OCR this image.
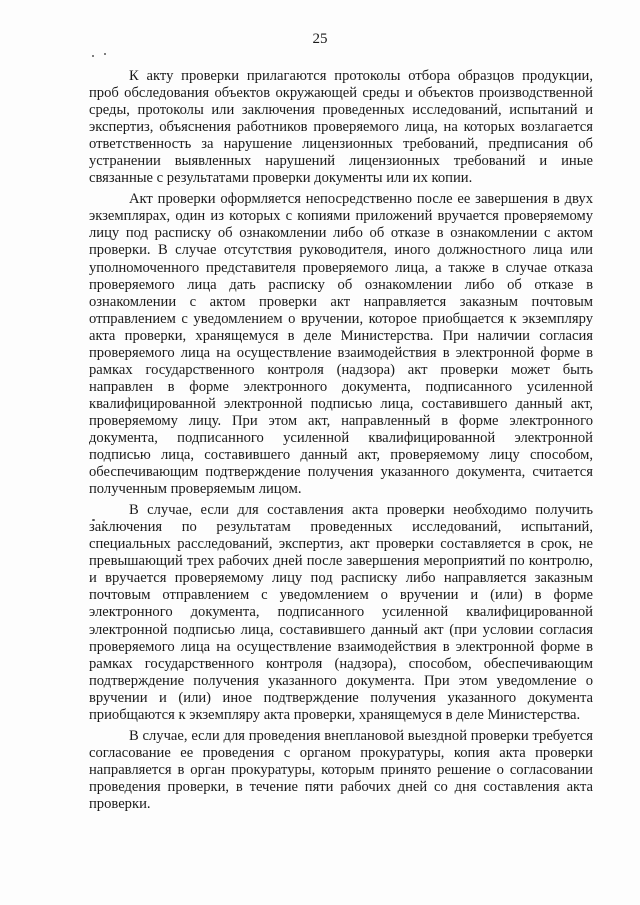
25

К акту проверки прилагаются протоколы отбора образцов продукции, проб обследования объектов окружающей среды и объектов производственной среды, протоколы или заключения проведенных исследований, испытаний и экспертиз, объяснения работников проверяемого лица, на которых возлагается ответственность за нарушение лицензионных требований, предписания об устранении выявленных нарушений лицензионных требований и иные связанные с результатами проверки документы или их копии.

Акт проверки оформляется непосредственно после ее завершения в двух экземплярах, один из которых с копиями приложений вручается проверяемому лицу под расписку об ознакомлении либо об отказе в ознакомлении с актом проверки. В случае отсутствия руководителя, иного должностного лица или уполномоченного представителя проверяемого лица, а также в случае отказа проверяемого лица дать расписку об ознакомлении либо об отказе в ознакомлении с актом проверки акт направляется заказным почтовым отправлением с уведомлением о вручении, которое приобщается к экземпляру акта проверки, хранящемуся в деле Министерства. При наличии согласия проверяемого лица на осуществление взаимодействия в электронной форме в рамках государственного контроля (надзора) акт проверки может быть направлен в форме электронного документа, подписанного усиленной квалифицированной электронной подписью лица, составившего данный акт, проверяемому лицу. При этом акт, направленный в форме электронного документа, подписанного усиленной квалифицированной электронной подписью лица, составившего данный акт, проверяемому лицу способом, обеспечивающим подтверждение получения указанного документа, считается полученным проверяемым лицом.

В случае, если для составления акта проверки необходимо получить заключения по результатам проведенных исследований, испытаний, специальных расследований, экспертиз, акт проверки составляется в срок, не превышающий трех рабочих дней после завершения мероприятий по контролю, и вручается проверяемому лицу под расписку либо направляется заказным почтовым отправлением с уведомлением о вручении и (или) в форме электронного документа, подписанного усиленной квалифицированной электронной подписью лица, составившего данный акт (при условии согласия проверяемого лица на осуществление взаимодействия в электронной форме в рамках государственного контроля (надзора), способом, обеспечивающим подтверждение получения указанного документа. При этом уведомление о вручении и (или) иное подтверждение получения указанного документа приобщаются к экземпляру акта проверки, хранящемуся в деле Министерства.

В случае, если для проведения внеплановой выездной проверки требуется согласование ее проведения с органом прокуратуры, копия акта проверки направляется в орган прокуратуры, которым принято решение о согласовании проведения проверки, в течение пяти рабочих дней со дня составления акта проверки.
